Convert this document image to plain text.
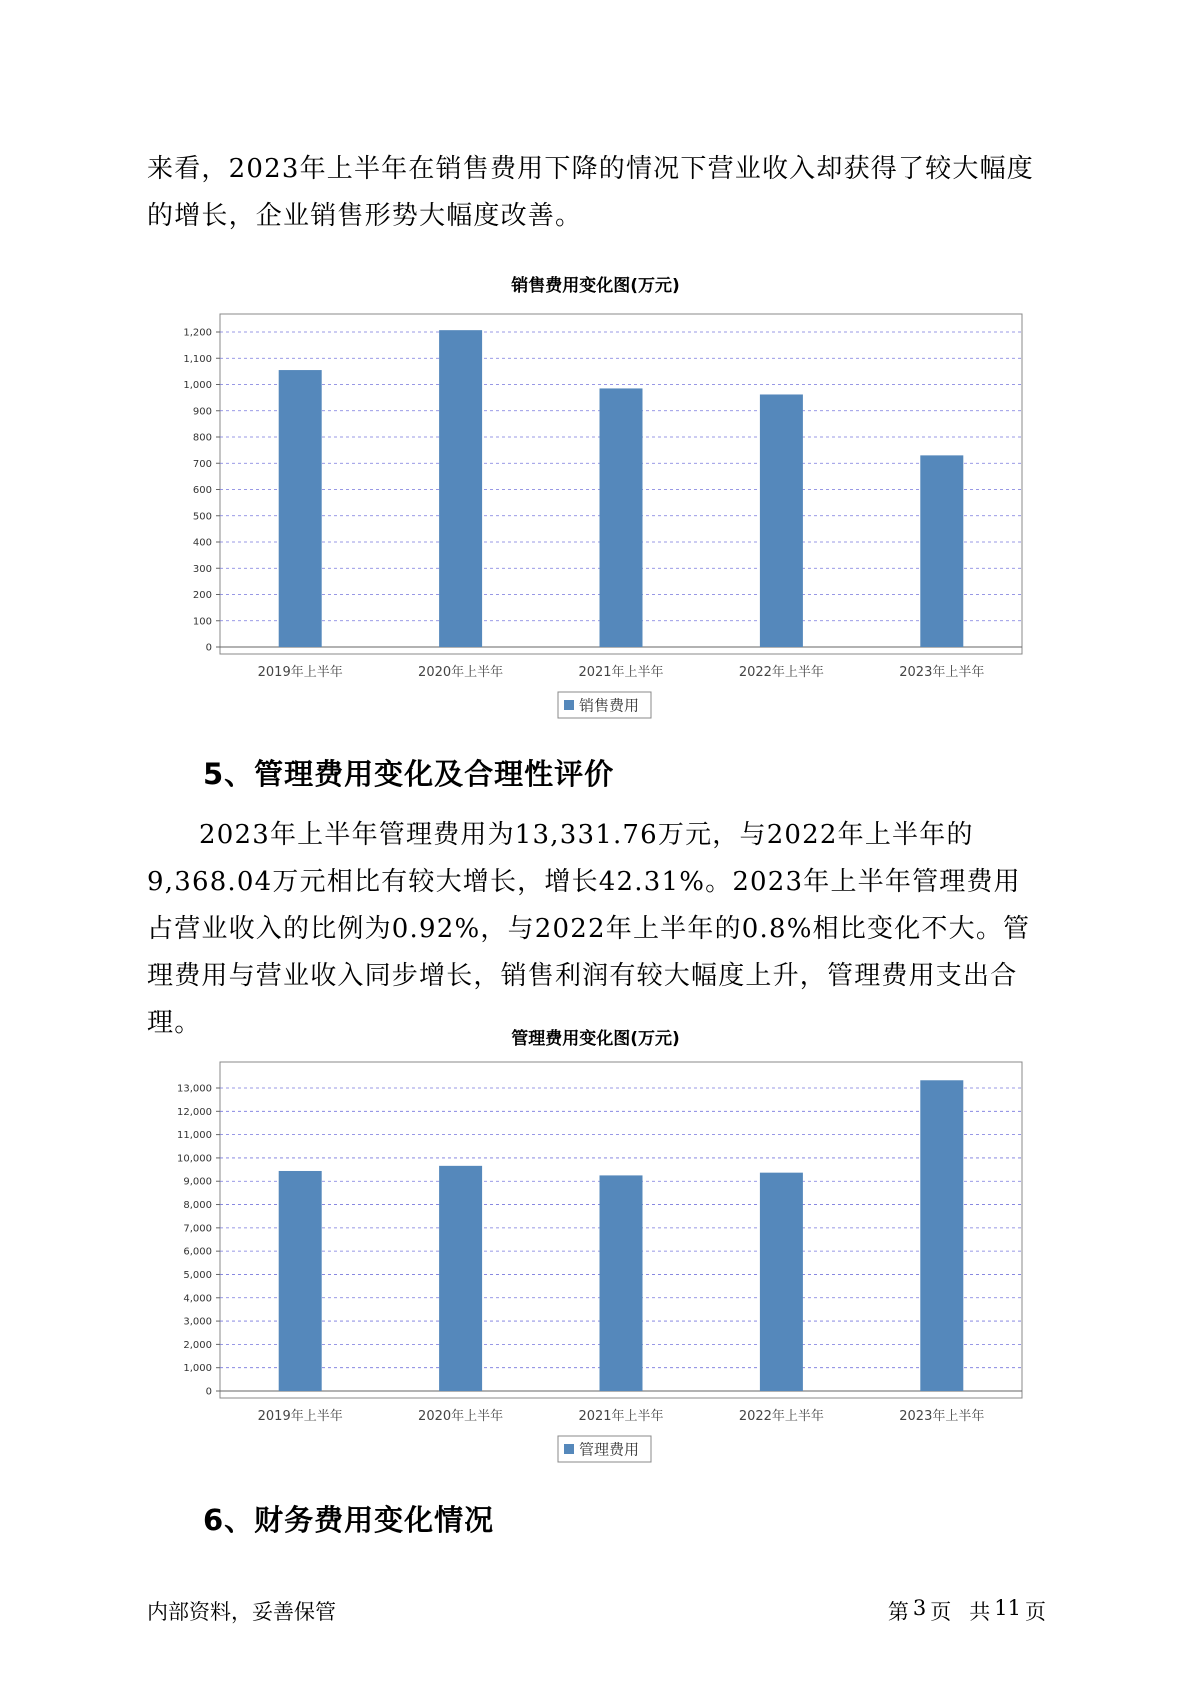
来看，2023年上半年在销售费用下降的情况下营业收入却获得了较大幅度的增长，企业销售形势大幅度改善。

销售费用变化图(万元)
0
100
200
300
400
500
600
700
800
900
1,000
1,100
1,200
2019年上半年	2020年上半年	2021年上半年	2022年上半年	2023年上半年
销售费用
5、管理费用变化及合理性评价

2023年上半年管理费用为13,331.76万元，与2022年上半年的9,368.04万元相比有较大增长，增长42.31%。2023年上半年管理费用占营业收入的比例为0.92%，与2022年上半年的0.8%相比变化不大。管理费用与营业收入同步增长，销售利润有较大幅度上升，管理费用支出合理。

管理费用变化图(万元)
0
1,000
2,000
3,000
4,000
5,000
6,000
7,000
8,000
9,000
10,000
11,000
12,000
13,000
2019年上半年	2020年上半年	2021年上半年	2022年上半年	2023年上半年
管理费用
6、财务费用变化情况
内部资料，妥善保管	第 3 页 共 11 页
